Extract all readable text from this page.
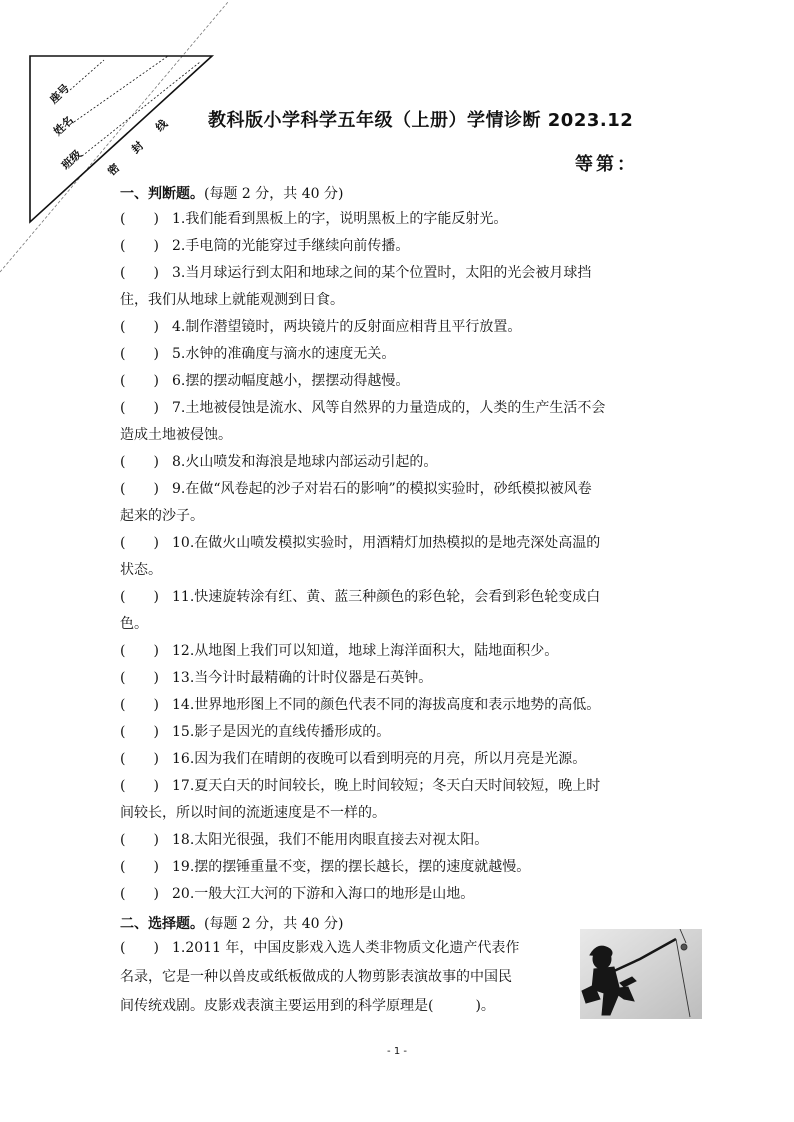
座号
姓名
班级 密
封
线 教科版小学科学五年级（上册）学情诊断 2023.12
等第：
一、判断题。(每题 2 分，共 40 分)
(　　) 1.我们能看到黑板上的字，说明黑板上的字能反射光。
(　　) 2.手电筒的光能穿过手继续向前传播。
(　　) 3.当月球运行到太阳和地球之间的某个位置时，太阳的光会被月球挡
住，我们从地球上就能观测到日食。
(　　) 4.制作潜望镜时，两块镜片的反射面应相背且平行放置。
(　　) 5.水钟的准确度与滴水的速度无关。
(　　) 6.摆的摆动幅度越小，摆摆动得越慢。
(　　) 7.土地被侵蚀是流水、风等自然界的力量造成的，人类的生产生活不会
造成土地被侵蚀。
(　　) 8.火山喷发和海浪是地球内部运动引起的。
(　　) 9.在做“风卷起的沙子对岩石的影响”的模拟实验时，砂纸模拟被风卷
起来的沙子。
(　　) 10.在做火山喷发模拟实验时，用酒精灯加热模拟的是地壳深处高温的
状态。
(　　) 11.快速旋转涂有红、黄、蓝三种颜色的彩色轮，会看到彩色轮变成白
色。
(　　) 12.从地图上我们可以知道，地球上海洋面积大，陆地面积少。
(　　) 13.当今计时最精确的计时仪器是石英钟。
(　　) 14.世界地形图上不同的颜色代表不同的海拔高度和表示地势的高低。
(　　) 15.影子是因光的直线传播形成的。
(　　) 16.因为我们在晴朗的夜晚可以看到明亮的月亮，所以月亮是光源。
(　　) 17.夏天白天的时间较长，晚上时间较短；冬天白天时间较短，晚上时
间较长，所以时间的流逝速度是不一样的。
(　　) 18.太阳光很强，我们不能用肉眼直接去对视太阳。
(　　) 19.摆的摆锤重量不变，摆的摆长越长，摆的速度就越慢。
(　　) 20.一般大江大河的下游和入海口的地形是山地。
二、选择题。(每题 2 分，共 40 分)
(　　) 1.2011 年，中国皮影戏入选人类非物质文化遗产代表作
名录，它是一种以兽皮或纸板做成的人物剪影表演故事的中国民
间传统戏剧。皮影戏表演主要运用到的科学原理是(　　　)。
- 1 -
